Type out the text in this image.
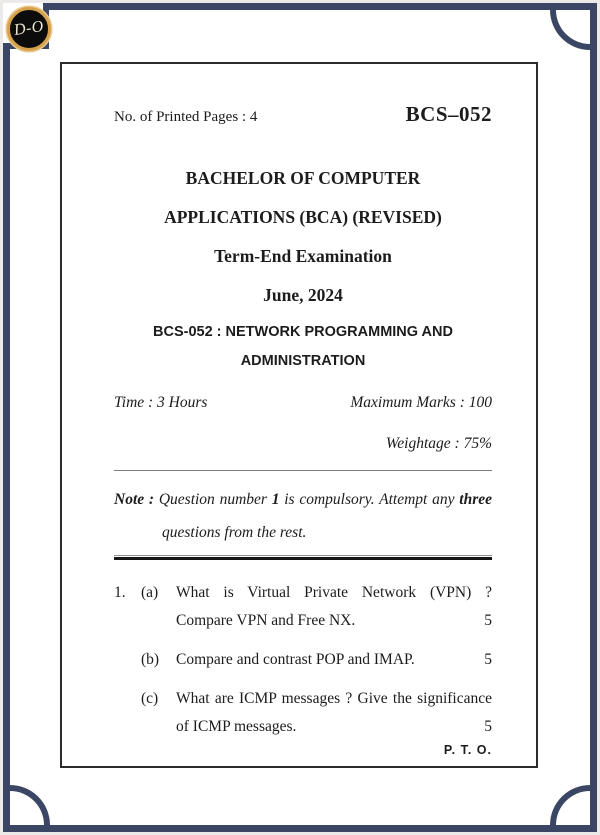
D-O
No. of Printed Pages : 4	BCS–052
BACHELOR OF COMPUTER
APPLICATIONS (BCA) (REVISED)
Term-End Examination
June, 2024
BCS-052 : NETWORK PROGRAMMING AND
ADMINISTRATION
Time : 3 Hours	Maximum Marks : 100
Weightage : 75%

Note : Question number 1 is compulsory. Attempt any three questions from the rest.

1. (a)	What is Virtual Private Network (VPN) ? Compare VPN and Free NX.	5
(b)	Compare and contrast POP and IMAP.	5
(c)	What are ICMP messages ? Give the significance of ICMP messages.	5
P. T. O.
